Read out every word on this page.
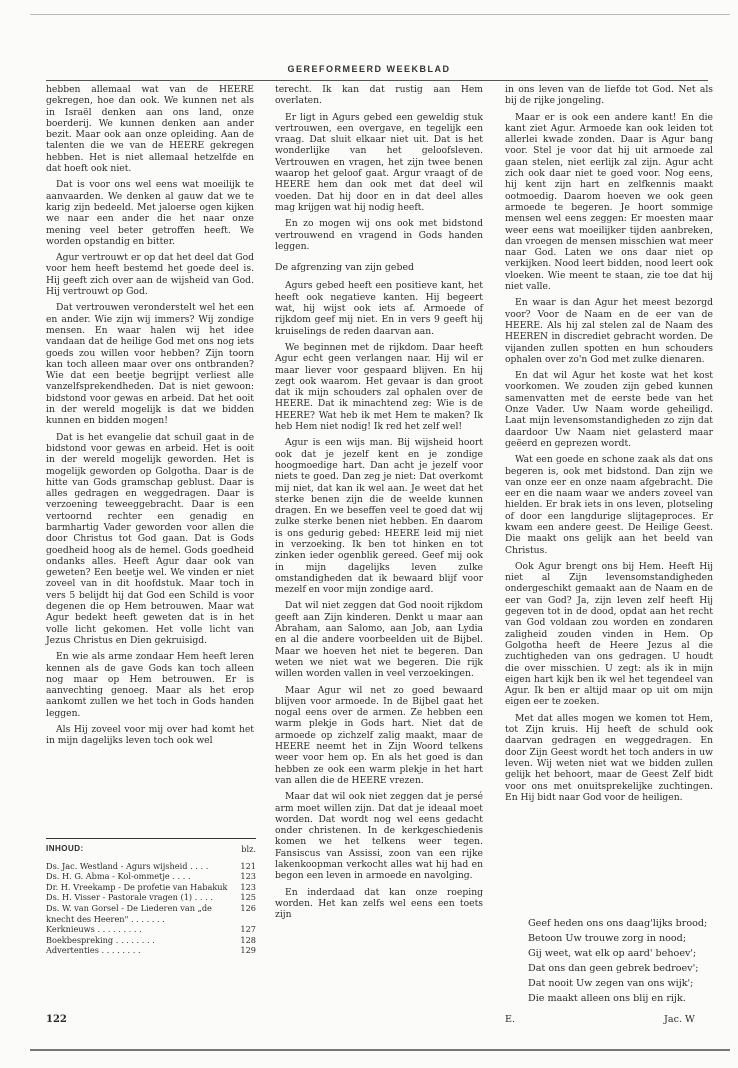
GEREFORMEERD WEEKBLAD

hebben allemaal wat van de HEERE gekregen, hoe dan ook. We kunnen net als in Israël denken aan ons land, onze boerderij. We kunnen denken aan ander bezit. Maar ook aan onze opleiding. Aan de talenten die we van de HEERE gekregen hebben. Het is niet allemaal hetzelfde en dat hoeft ook niet.

Dat is voor ons wel eens wat moeilijk te aanvaarden. We denken al gauw dat we te karig zijn bedeeld. Met jaloerse ogen kijken we naar een ander die het naar onze mening veel beter getroffen heeft. We worden opstandig en bitter.

Agur vertrouwt er op dat het deel dat God voor hem heeft bestemd het goede deel is. Hij geeft zich over aan de wijsheid van God. Hij vertrouwt op God.

Dat vertrouwen veronderstelt wel het een en ander. Wie zijn wij immers? Wij zondige mensen. En waar halen wij het idee vandaan dat de heilige God met ons nog iets goeds zou willen voor hebben? Zijn toorn kan toch alleen maar over ons ontbranden? Wie dat een beetje begrijpt verliest alle vanzelfsprekendheden. Dat is niet gewoon: bidstond voor gewas en arbeid. Dat het ooit in der wereld mogelijk is dat we bidden kunnen en bidden mogen!

Dat is het evangelie dat schuil gaat in de bidstond voor gewas en arbeid. Het is ooit in der wereld mogelijk geworden. Het is mogelijk geworden op Golgotha. Daar is de hitte van Gods gramschap geblust. Daar is alles gedragen en weggedragen. Daar is verzoening teweeggebracht. Daar is een vertoornd rechter een genadig en barmhartig Vader geworden voor allen die door Christus tot God gaan. Dat is Gods goedheid hoog als de hemel. Gods goedheid ondanks alles. Heeft Agur daar ook van geweten? Een beetje wel. We vinden er niet zoveel van in dit hoofdstuk. Maar toch in vers 5 belijdt hij dat God een Schild is voor degenen die op Hem betrouwen. Maar wat Agur bedekt heeft geweten dat is in het volle licht gekomen. Het volle licht van Jezus Christus en Dien gekruisigd.

En wie als arme zondaar Hem heeft leren kennen als de gave Gods kan toch alleen nog maar op Hem betrouwen. Er is aanvechting genoeg. Maar als het erop aankomt zullen we het toch in Gods handen leggen.

Als Hij zoveel voor mij over had komt het in mijn dagelijks leven toch ook wel

INHOUD:	blz.
Ds. Jac. Westland - Agurs wijsheid . . . .	121
Ds. H. G. Abma - Kol-ommetje . . . .	123
Dr. H. Vreekamp - De profetie van Habakuk	123
Ds. H. Visser - Pastorale vragen (1) . . . .	125
Ds. W. van Gorsel - De Liederen van „de knecht des Heeren" . . . . . . .
126
Kerknieuws . . . . . . . . .	127
Boekbespreking . . . . . . . .	128
Advertenties . . . . . . . .	129
122

terecht. Ik kan dat rustig aan Hem overlaten.

Er ligt in Agurs gebed een geweldig stuk vertrouwen, een overgave, en tegelijk een vraag. Dat sluit elkaar niet uit. Dat is het wonderlijke van het geloofsleven. Vertrouwen en vragen, het zijn twee benen waarop het geloof gaat. Argur vraagt of de HEERE hem dan ook met dat deel wil voeden. Dat hij door en in dat deel alles mag krijgen wat hij nodig heeft.

En zo mogen wij ons ook met bidstond vertrouwend en vragend in Gods handen leggen.

De afgrenzing van zijn gebed

Agurs gebed heeft een positieve kant, het heeft ook negatieve kanten. Hij begeert wat, hij wijst ook iets af. Armoede of rijkdom geef mij niet. En in vers 9 geeft hij kruiselings de reden daarvan aan.

We beginnen met de rijkdom. Daar heeft Agur echt geen verlangen naar. Hij wil er maar liever voor gespaard blijven. En hij zegt ook waarom. Het gevaar is dan groot dat ik mijn schouders zal ophalen over de HEERE. Dat ik minachtend zeg: Wie is de HEERE? Wat heb ik met Hem te maken? Ik heb Hem niet nodig! Ik red het zelf wel!

Agur is een wijs man. Bij wijsheid hoort ook dat je jezelf kent en je zondige hoogmoedige hart. Dan acht je jezelf voor niets te goed. Dan zeg je niet: Dat overkomt mij niet, dat kan ik wel aan. Je weet dat het sterke benen zijn die de weelde kunnen dragen. En we beseffen veel te goed dat wij zulke sterke benen niet hebben. En daarom is ons gedurig gebed: HEERE leid mij niet in verzoeking. Ik ben tot hinken en tot zinken ieder ogenblik gereed. Geef mij ook in mijn dagelijks leven zulke omstandigheden dat ik bewaard blijf voor mezelf en voor mijn zondige aard.

Dat wil niet zeggen dat God nooit rijkdom geeft aan Zijn kinderen. Denkt u maar aan Abraham, aan Salomo, aan Job, aan Lydia en al die andere voorbeelden uit de Bijbel. Maar we hoeven het niet te begeren. Dan weten we niet wat we begeren. Die rijk willen worden vallen in veel verzoekingen.

Maar Agur wil net zo goed bewaard blijven voor armoede. In de Bijbel gaat het nogal eens over de armen. Ze hebben een warm plekje in Gods hart. Niet dat de armoede op zichzelf zalig maakt, maar de HEERE neemt het in Zijn Woord telkens weer voor hem op. En als het goed is dan hebben ze ook een warm plekje in het hart van allen die de HEERE vrezen.

Maar dat wil ook niet zeggen dat je persé arm moet willen zijn. Dat dat je ideaal moet worden. Dat wordt nog wel eens gedacht onder christenen. In de kerkgeschiedenis komen we het telkens weer tegen. Fansiscus van Assissi, zoon van een rijke lakenkoopman verkocht alles wat hij had en begon een leven in armoede en navolging.

En inderdaad dat kan onze roeping worden. Het kan zelfs wel eens een toets zijn

in ons leven van de liefde tot God. Net als bij de rijke jongeling.

Maar er is ook een andere kant! En die kant ziet Agur. Armoede kan ook leiden tot allerlei kwade zonden. Daar is Agur bang voor. Stel je voor dat hij uit armoede zal gaan stelen, niet eerlijk zal zijn. Agur acht zich ook daar niet te goed voor. Nog eens, hij kent zijn hart en zelfkennis maakt ootmoedig. Daarom hoeven we ook geen armoede te begeren. Je hoort sommige mensen wel eens zeggen: Er moesten maar weer eens wat moeilijker tijden aanbreken, dan vroegen de mensen misschien wat meer naar God. Laten we ons daar niet op verkijken. Nood leert bidden, nood leert ook vloeken. Wie meent te staan, zie toe dat hij niet valle.

En waar is dan Agur het meest bezorgd voor? Voor de Naam en de eer van de HEERE. Als hij zal stelen zal de Naam des HEEREN in discrediet gebracht worden. De vijanden zullen spotten en hun schouders ophalen over zo'n God met zulke dienaren.

En dat wil Agur het koste wat het kost voorkomen. We zouden zijn gebed kunnen samenvatten met de eerste bede van het Onze Vader. Uw Naam worde geheiligd. Laat mijn levensomstandigheden zo zijn dat daardoor Uw Naam niet gelasterd maar geëerd en geprezen wordt.

Wat een goede en schone zaak als dat ons begeren is, ook met bidstond. Dan zijn we van onze eer en onze naam afgebracht. Die eer en die naam waar we anders zoveel van hielden. Er brak iets in ons leven, plotseling of door een langdurige slijtageproces. Er kwam een andere geest. De Heilige Geest. Die maakt ons gelijk aan het beeld van Christus.

Ook Agur brengt ons bij Hem. Heeft Hij niet al Zijn levensomstandigheden ondergeschikt gemaakt aan de Naam en de eer van God? Ja, zijn leven zelf heeft Hij gegeven tot in de dood, opdat aan het recht van God voldaan zou worden en zondaren zaligheid zouden vinden in Hem. Op Golgotha heeft de Heere Jezus al die zuchtigheden van ons gedragen. U houdt die over misschien. U zegt: als ik in mijn eigen hart kijk ben ik wel het tegendeel van Agur. Ik ben er altijd maar op uit om mijn eigen eer te zoeken.

Met dat alles mogen we komen tot Hem, tot Zijn kruis. Hij heeft de schuld ook daarvan gedragen en weggedragen. En door Zijn Geest wordt het toch anders in uw leven. Wij weten niet wat we bidden zullen gelijk het behoort, maar de Geest Zelf bidt voor ons met onuitsprekelijke zuchtingen. En Hij bidt naar God voor de heiligen.

Geef heden ons ons daag'lijks brood;
Betoon Uw trouwe zorg in nood;
Gij weet, wat elk op aard' behoev';
Dat ons dan geen gebrek bedroev';
Dat nooit Uw zegen van ons wijk';
Die maakt alleen ons blij en rijk.
E.	Jac. W
